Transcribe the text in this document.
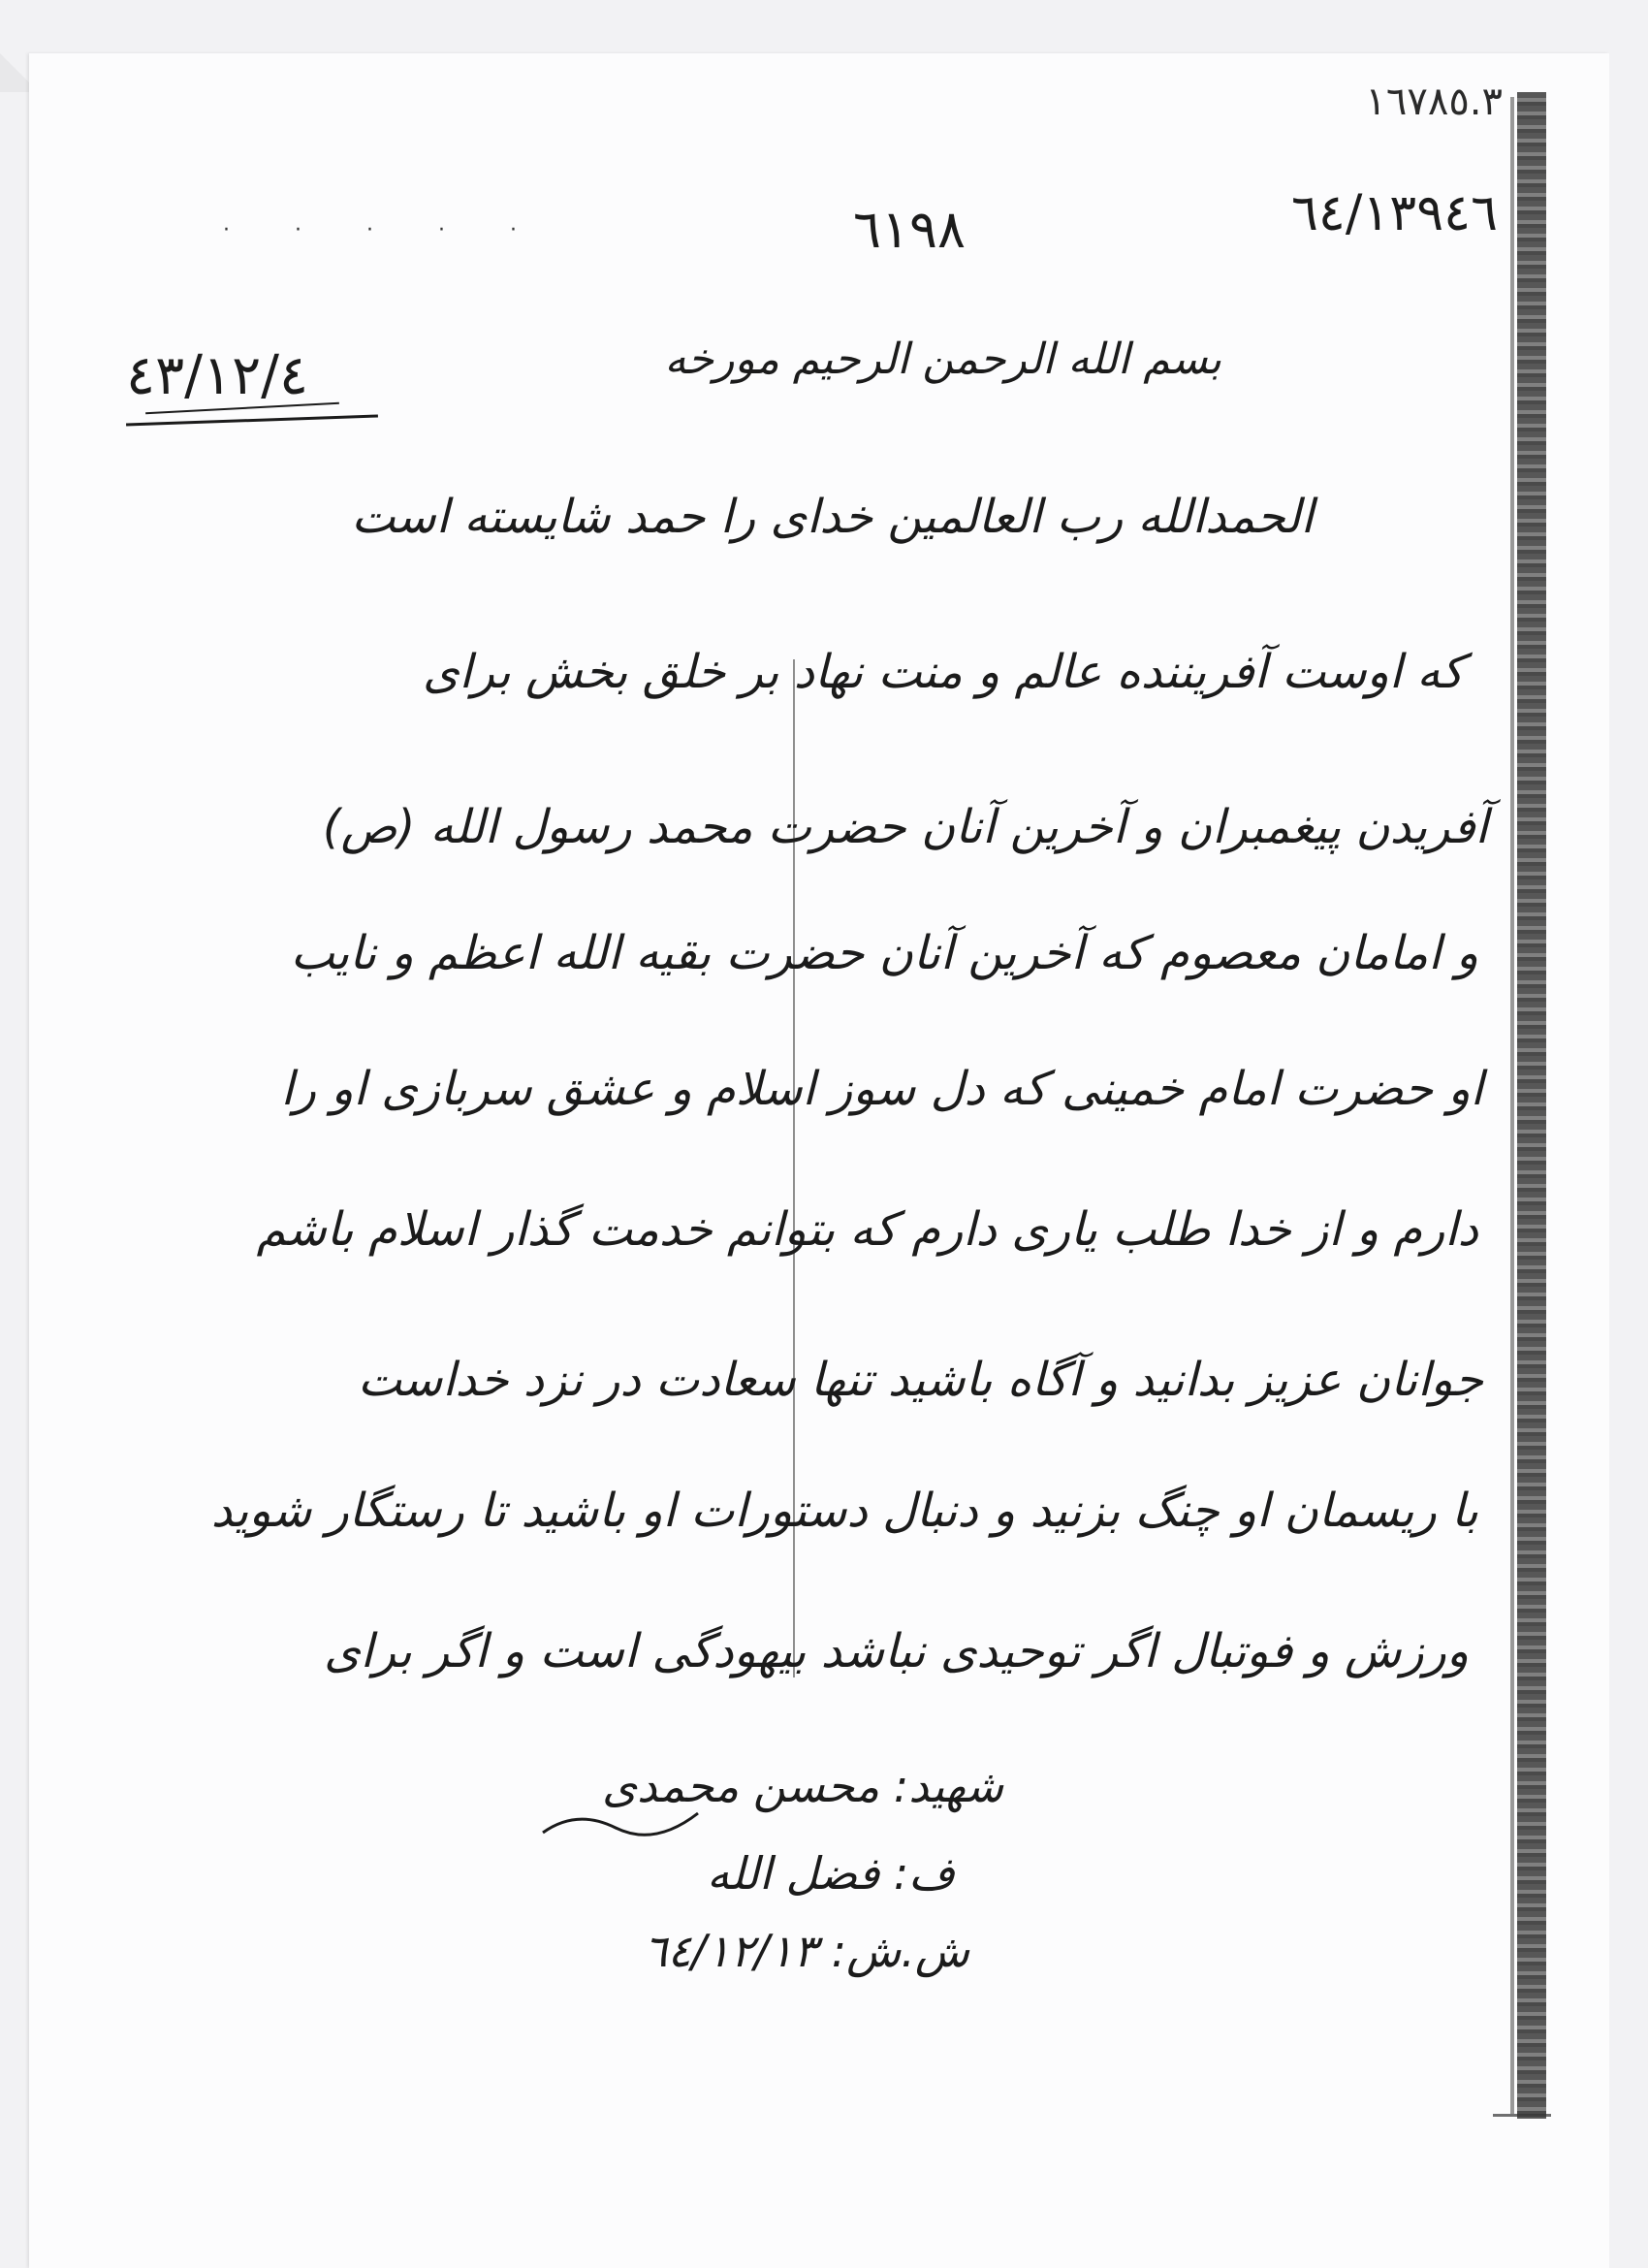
· · · · ·
١٦٧٨٥.٣
٦٤/١٣٩٤٦
٦١٩٨
بسم الله الرحمن الرحیم مورخه
٤٣/١٢/٤
الحمدالله رب العالمین خدای را حمد شایسته است
که اوست آفریننده عالم و منت نهاد بر خلق بخش برای
آفریدن پیغمبران و آخرین آنان حضرت محمد رسول الله (ص)
و امامان معصوم که آخرین آنان حضرت بقیه الله اعظم و نایب
او حضرت امام خمینی که دل سوز اسلام و عشق سربازی او را
دارم و از خدا طلب یاری دارم که بتوانم خدمت گذار اسلام باشم
جوانان عزیز بدانید و آگاه باشید تنها سعادت در نزد خداست
با ریسمان او چنگ بزنید و دنبال دستورات او باشید تا رستگار شوید
ورزش و فوتبال اگر توحیدی نباشد بیهودگی است و اگر برای
شهید: محسن محمدی
ف: فضل الله
ش.ش: ٦٤/١٢/١٣
